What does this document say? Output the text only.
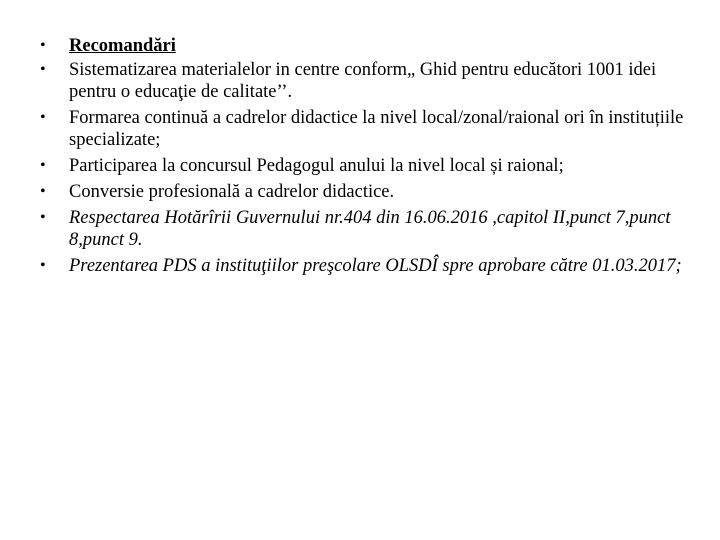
•	Recomandări
•	Sistematizarea materialelor in centre conform„ Ghid pentru educători 1001 idei pentru o educaţie de calitate’’.
•	Formarea continuă a cadrelor didactice la nivel local/zonal/raional ori în instituțiile specializate;
•	Participarea la concursul Pedagogul anului la nivel local și raional;
•	Conversie profesională a cadrelor didactice.
•	Respectarea Hotărîrii Guvernului nr.404 din 16.06.2016 ,capitol II,punct 7,punct 8,punct 9.
•	Prezentarea PDS a instituţiilor preşcolare OLSDÎ spre aprobare către 01.03.2017;
